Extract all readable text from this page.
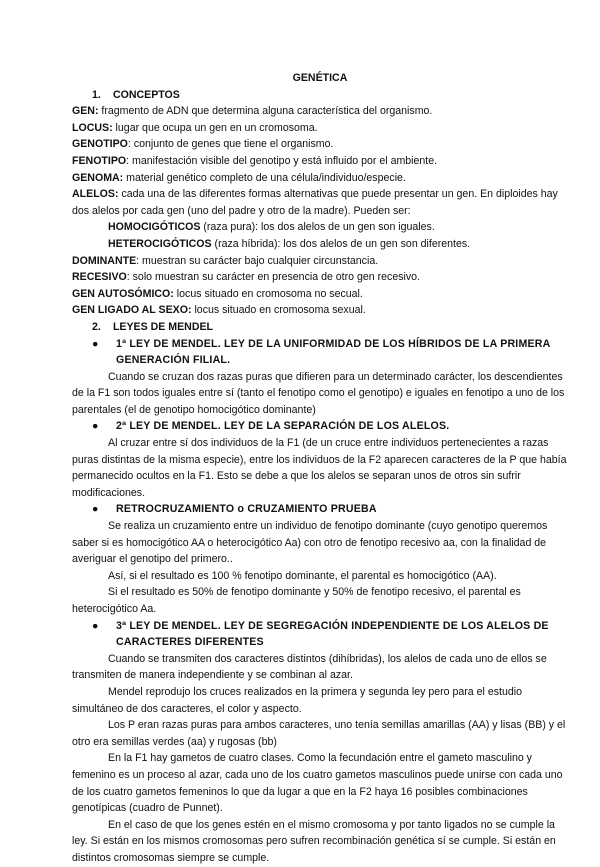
GENÉTICA
1. CONCEPTOS
GEN: fragmento de ADN que determina alguna característica del organismo.
LOCUS: lugar que ocupa un gen en un cromosoma.
GENOTIPO: conjunto de genes que tiene el organismo.
FENOTIPO: manifestación visible del genotipo y está influido por el ambiente.
GENOMA: material genético completo de una célula/individuo/especie.
ALELOS: cada una de las diferentes formas alternativas que puede presentar un gen. En diploides hay dos alelos por cada gen (uno del padre y otro de la madre). Pueden ser:
HOMOCIGÓTICOS (raza pura): los dos alelos de un gen son iguales.
HETEROCIGÓTICOS (raza híbrida): los dos alelos de un gen son diferentes.
DOMINANTE: muestran su carácter bajo cualquier circunstancia.
RECESIVO: solo muestran su carácter en presencia de otro gen recesivo.
GEN AUTOSÓMICO: locus situado en cromosoma no secual.
GEN LIGADO AL SEXO: locus situado en cromosoma sexual.
2. LEYES DE MENDEL
●	1ª LEY DE MENDEL. LEY DE LA UNIFORMIDAD DE LOS HÍBRIDOS DE LA PRIMERA GENERACIÓN FILIAL.

Cuando se cruzan dos razas puras que difieren para un determinado carácter, los descendientes de la F1 son todos iguales entre sí (tanto el fenotipo como el genotipo) e iguales en fenotipo a uno de los parentales (el de genotipo homocigótico dominante)

●	2ª LEY DE MENDEL. LEY DE LA SEPARACIÓN DE LOS ALELOS.

Al cruzar entre sí dos individuos de la F1 (de un cruce entre individuos pertenecientes a razas puras distintas de la misma especie), entre los individuos de la F2 aparecen caracteres de la P que había permanecido ocultos en la F1. Esto se debe a que los alelos se separan unos de otros sin sufrir modificaciones.

●	RETROCRUZAMIENTO o CRUZAMIENTO PRUEBA

Se realiza un cruzamiento entre un individuo de fenotipo dominante (cuyo genotipo queremos saber si es homocigótico AA o heterocigótico Aa) con otro de fenotipo recesivo aa, con la finalidad de averiguar el genotipo del primero..

Así, si el resultado es 100 % fenotipo dominante, el parental es homocigótico (AA).

Si el resultado es 50% de fenotipo dominante y 50% de fenotipo recesivo, el parental es heterocigótico Aa.

●	3ª LEY DE MENDEL. LEY DE SEGREGACIÓN INDEPENDIENTE DE LOS ALELOS DE CARACTERES DIFERENTES

Cuando se transmiten dos caracteres distintos (dihíbridas), los alelos de cada uno de ellos se transmiten de manera independiente y se combinan al azar.

Mendel reprodujo los cruces realizados en la primera y segunda ley pero para el estudio simultáneo de dos caracteres, el color y aspecto.

Los P eran razas puras para ambos caracteres, uno tenía semillas amarillas (AA) y lisas (BB) y el otro era semillas verdes (aa) y rugosas (bb)

En la F1 hay gametos de cuatro clases. Como la fecundación entre el gameto masculino y femenino es un proceso al azar, cada uno de los cuatro gametos masculinos puede unirse con cada uno de los cuatro gametos femeninos lo que da lugar a que en la F2 haya 16 posibles combinaciones genotípicas (cuadro de Punnet).

En el caso de que los genes estén en el mismo cromosoma y por tanto ligados no se cumple la ley. Si están en los mismos cromosomas pero sufren recombinación genética sí se cumple. Si están en distintos cromosomas siempre se cumple.
